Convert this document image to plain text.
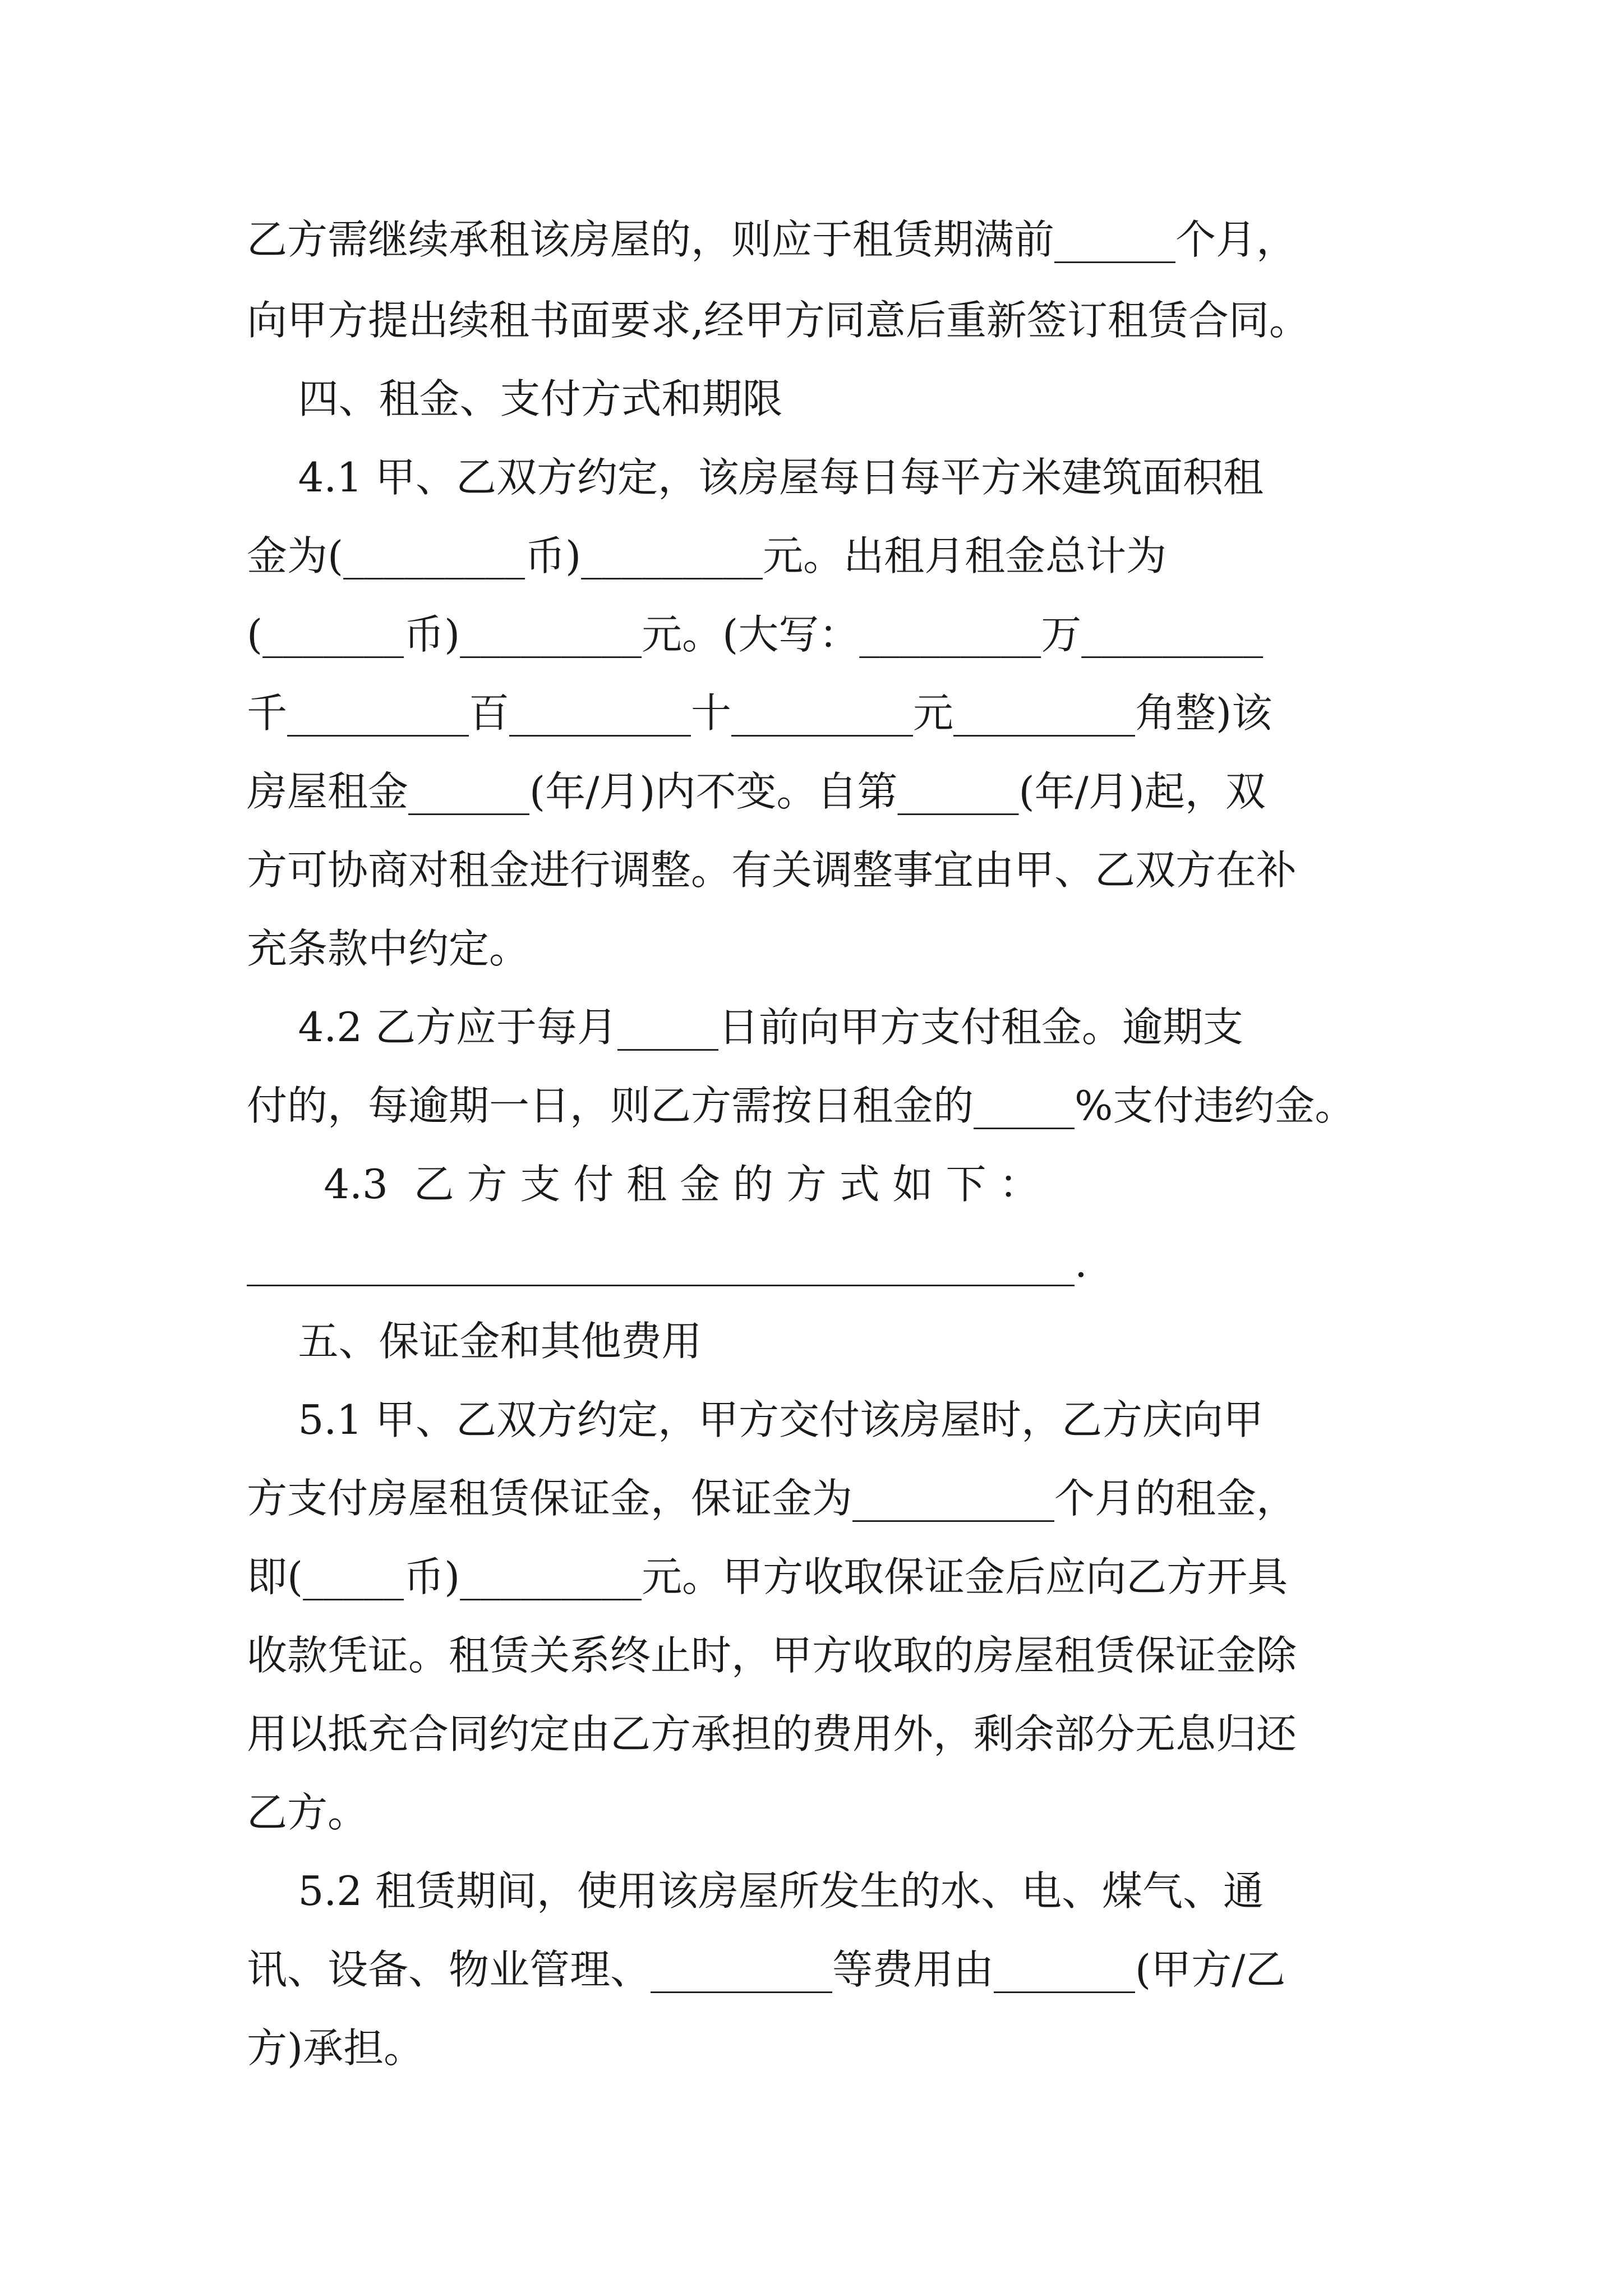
乙方需继续承租该房屋的，则应于租赁期满前______个月，
向甲方提出续租书面要求,经甲方同意后重新签订租赁合同。
四、租金、支付方式和期限
4.1 甲、乙双方约定，该房屋每日每平方米建筑面积租
金为(_________币)_________元。出租月租金总计为
(_______币)_________元。(大写：_________万_________
千_________百_________十_________元_________角整)该
房屋租金______(年/月)内不变。自第______(年/月)起，双
方可协商对租金进行调整。有关调整事宜由甲、乙双方在补
充条款中约定。
4.2 乙方应于每月_____日前向甲方支付租金。逾期支
付的，每逾期一日，则乙方需按日租金的_____%支付违约金。
4.3  乙 方 支 付 租 金 的 方 式 如 下 ：
_________________________________________.
五、保证金和其他费用
5.1 甲、乙双方约定，甲方交付该房屋时，乙方庆向甲
方支付房屋租赁保证金，保证金为__________个月的租金，
即(_____币)_________元。甲方收取保证金后应向乙方开具
收款凭证。租赁关系终止时，甲方收取的房屋租赁保证金除
用以抵充合同约定由乙方承担的费用外，剩余部分无息归还
乙方。
5.2 租赁期间，使用该房屋所发生的水、电、煤气、通
讯、设备、物业管理、_________等费用由_______(甲方/乙
方)承担。
